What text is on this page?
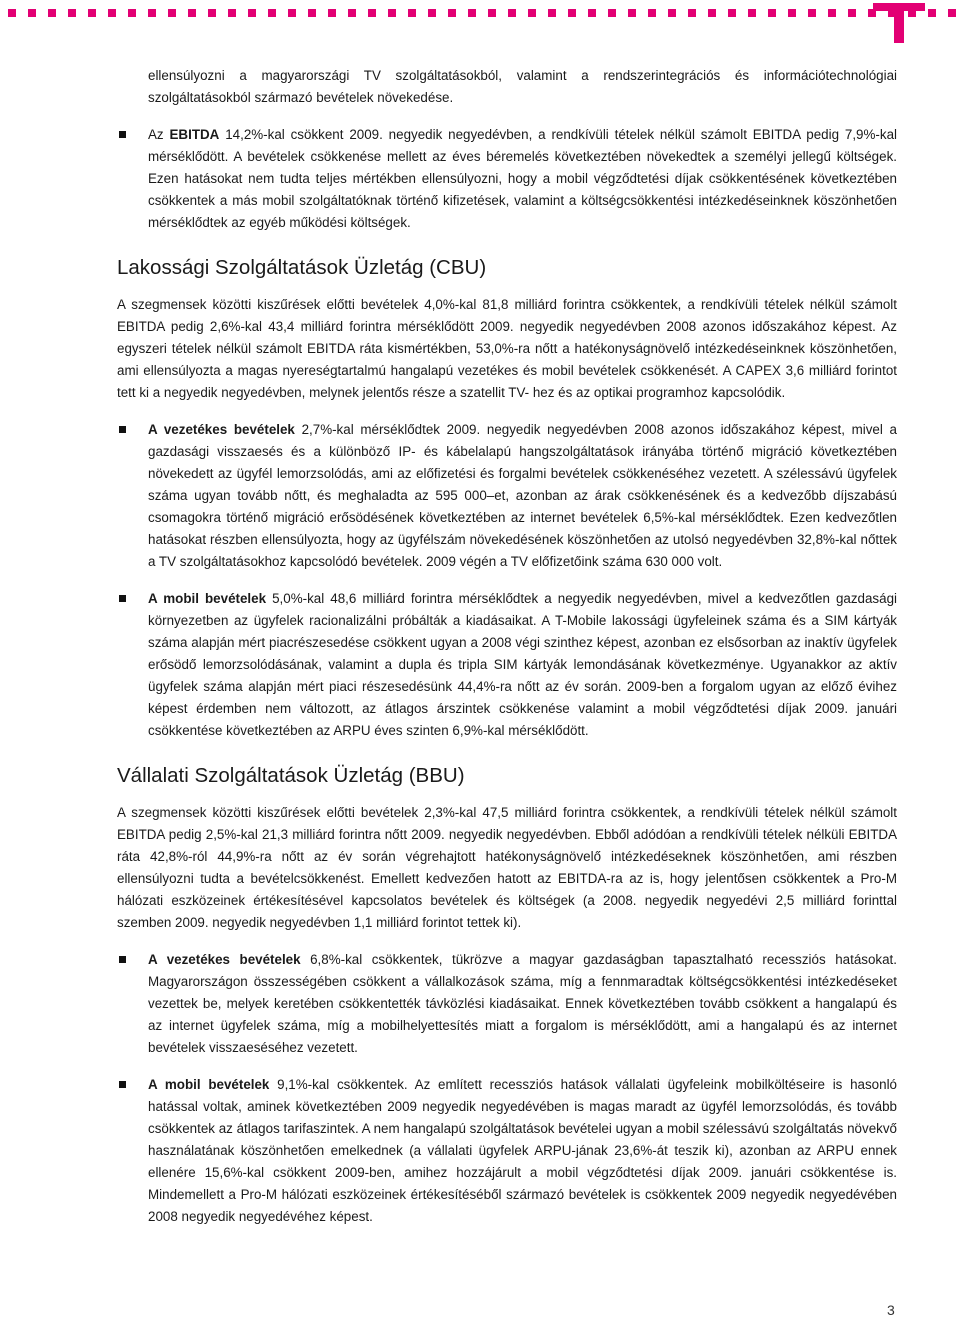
ellensúlyozni a magyarországi TV szolgáltatásokból, valamint a rendszerintegrációs és információtechnológiai szolgáltatásokból származó bevételek növekedése.

Az EBITDA 14,2%-kal csökkent 2009. negyedik negyedévben, a rendkívüli tételek nélkül számolt EBITDA pedig 7,9%-kal mérséklődött. A bevételek csökkenése mellett az éves béremelés következtében növekedtek a személyi jellegű költségek. Ezen hatásokat nem tudta teljes mértékben ellensúlyozni, hogy a mobil végződtetési díjak csökkentésének következtében csökkentek a más mobil szolgáltatóknak történő kifizetések, valamint a költségcsökkentési intézkedéseinknek köszönhetően mérséklődtek az egyéb működési költségek.

Lakossági Szolgáltatások Üzletág (CBU)

A szegmensek közötti kiszűrések előtti bevételek 4,0%-kal 81,8 milliárd forintra csökkentek, a rendkívüli tételek nélkül számolt EBITDA pedig 2,6%-kal 43,4 milliárd forintra mérséklődött 2009. negyedik negyedévben 2008 azonos időszakához képest. Az egyszeri tételek nélkül számolt EBITDA ráta kismértékben, 53,0%-ra nőtt a hatékonyságnövelő intézkedéseinknek köszönhetően, ami ellensúlyozta a magas nyereségtartalmú hangalapú vezetékes és mobil bevételek csökkenését. A CAPEX 3,6 milliárd forintot tett ki a negyedik negyedévben, melynek jelentős része a szatellit TV- hez és az optikai programhoz kapcsolódik.

A vezetékes bevételek 2,7%-kal mérséklődtek 2009. negyedik negyedévben 2008 azonos időszakához képest, mivel a gazdasági visszaesés és a különböző IP- és kábelalapú hangszolgáltatások irányába történő migráció következtében növekedett az ügyfél lemorzsolódás, ami az előfizetési és forgalmi bevételek csökkenéséhez vezetett. A szélessávú ügyfelek száma ugyan tovább nőtt, és meghaladta az 595 000–et, azonban az árak csökkenésének és a kedvezőbb díjszabású csomagokra történő migráció erősödésének következtében az internet bevételek 6,5%-kal mérséklődtek. Ezen kedvezőtlen hatásokat részben ellensúlyozta, hogy az ügyfélszám növekedésének köszönhetően az utolsó negyedévben 32,8%-kal nőttek a TV szolgáltatásokhoz kapcsolódó bevételek. 2009 végén a TV előfizetőink száma 630 000 volt.

A mobil bevételek 5,0%-kal 48,6 milliárd forintra mérséklődtek a negyedik negyedévben, mivel a kedvezőtlen gazdasági környezetben az ügyfelek racionalizálni próbálták a kiadásaikat. A T-Mobile lakossági ügyfeleinek száma és a SIM kártyák száma alapján mért piacrészesedése csökkent ugyan a 2008 végi szinthez képest, azonban ez elsősorban az inaktív ügyfelek erősödő lemorzsolódásának, valamint a dupla és tripla SIM kártyák lemondásának következménye. Ugyanakkor az aktív ügyfelek száma alapján mért piaci részesedésünk 44,4%-ra nőtt az év során. 2009-ben a forgalom ugyan az előző évihez képest érdemben nem változott, az átlagos árszintek csökkenése valamint a mobil végződtetési díjak 2009. januári csökkentése következtében az ARPU éves szinten 6,9%-kal mérséklődött.

Vállalati Szolgáltatások Üzletág (BBU)

A szegmensek közötti kiszűrések előtti bevételek 2,3%-kal 47,5 milliárd forintra csökkentek, a rendkívüli tételek nélkül számolt EBITDA pedig 2,5%-kal 21,3 milliárd forintra nőtt 2009. negyedik negyedévben. Ebből adódóan a rendkívüli tételek nélküli EBITDA ráta 42,8%-ról 44,9%-ra nőtt az év során végrehajtott hatékonyságnövelő intézkedéseknek köszönhetően, ami részben ellensúlyozni tudta a bevételcsökkenést. Emellett kedvezően hatott az EBITDA-ra az is, hogy jelentősen csökkentek a Pro-M hálózati eszközeinek értékesítésével kapcsolatos bevételek és költségek (a 2008. negyedik negyedévi 2,5 milliárd forinttal szemben 2009. negyedik negyedévben 1,1 milliárd forintot tettek ki).

A vezetékes bevételek 6,8%-kal csökkentek, tükrözve a magyar gazdaságban tapasztalható recessziós hatásokat. Magyarországon összességében csökkent a vállalkozások száma, míg a fennmaradtak költségcsökkentési intézkedéseket vezettek be, melyek keretében csökkentették távközlési kiadásaikat. Ennek következtében tovább csökkent a hangalapú és az internet ügyfelek száma, míg a mobilhelyettesítés miatt a forgalom is mérséklődött, ami a hangalapú és az internet bevételek visszaeséséhez vezetett.

A mobil bevételek 9,1%-kal csökkentek. Az említett recessziós hatások vállalati ügyfeleink mobilköltéseire is hasonló hatással voltak, aminek következtében 2009 negyedik negyedévében is magas maradt az ügyfél lemorzsolódás, és tovább csökkentek az átlagos tarifaszintek. A nem hangalapú szolgáltatások bevételei ugyan a mobil szélessávú szolgáltatás növekvő használatának köszönhetően emelkednek (a vállalati ügyfelek ARPU-jának 23,6%-át teszik ki), azonban az ARPU ennek ellenére 15,6%-kal csökkent 2009-ben, amihez hozzájárult a mobil végződtetési díjak 2009. januári csökkentése is. Mindemellett a Pro-M hálózati eszközeinek értékesítéséből származó bevételek is csökkentek 2009 negyedik negyedévében 2008 negyedik negyedévéhez képest.

3
